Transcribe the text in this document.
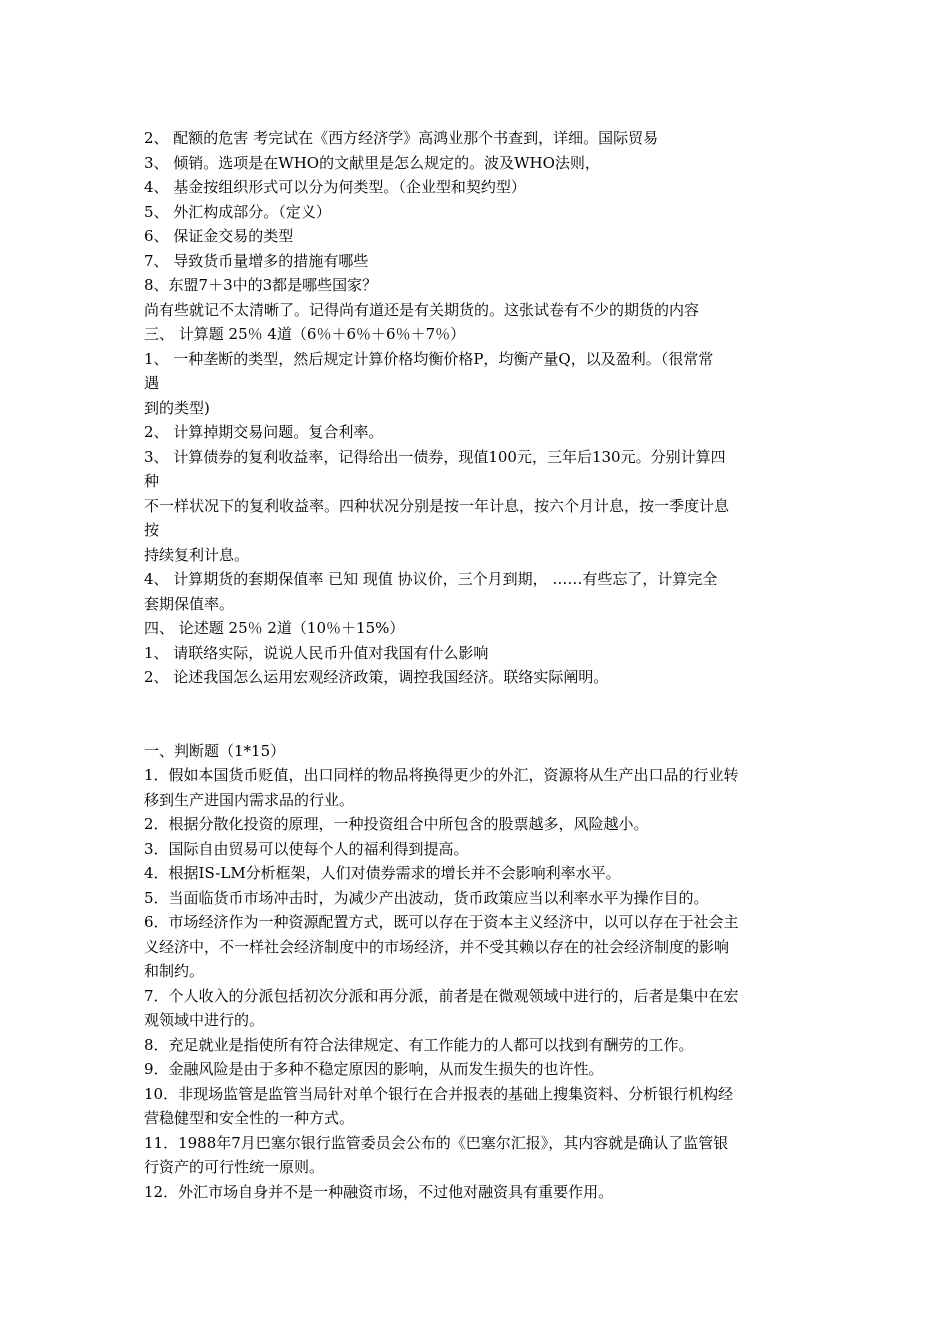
2、 配额的危害 考完试在《西方经济学》高鸿业那个书查到，详细。国际贸易
3、 倾销。选项是在WHO的文献里是怎么规定的。波及WHO法则，
4、 基金按组织形式可以分为何类型。（企业型和契约型）
5、 外汇构成部分。（定义）
6、 保证金交易的类型
7、 导致货币量增多的措施有哪些
8、东盟7＋3中的3都是哪些国家？
尚有些就记不太清晰了。记得尚有道还是有关期货的。这张试卷有不少的期货的内容
三、 计算题 25％ 4道（6％＋6％＋6％＋7％）
1、 一种垄断的类型，然后规定计算价格均衡价格P，均衡产量Q，以及盈利。（很常常
遇
到的类型)
2、 计算掉期交易问题。复合利率。
3、 计算债券的复利收益率，记得给出一债券，现值100元，三年后130元。分别计算四
种
不一样状况下的复利收益率。四种状况分别是按一年计息，按六个月计息，按一季度计息
按
持续复利计息。
4、 计算期货的套期保值率 已知 现值 协议价，三个月到期， ……有些忘了，计算完全
套期保值率。
四、 论述题 25％ 2道（10％＋15%）
1、 请联络实际，说说人民币升值对我国有什么影响
2、 论述我国怎么运用宏观经济政策，调控我国经济。联络实际阐明。
一、判断题（1*15）
1．假如本国货币贬值，出口同样的物品将换得更少的外汇，资源将从生产出口品的行业转
移到生产进国内需求品的行业。
2．根据分散化投资的原理，一种投资组合中所包含的股票越多，风险越小。
3．国际自由贸易可以使每个人的福利得到提高。
4．根据IS-LM分析框架，人们对债券需求的增长并不会影响利率水平。
5．当面临货币市场冲击时，为减少产出波动，货币政策应当以利率水平为操作目的。
6．市场经济作为一种资源配置方式，既可以存在于资本主义经济中，以可以存在于社会主
义经济中，不一样社会经济制度中的市场经济，并不受其赖以存在的社会经济制度的影响
和制约。
7．个人收入的分派包括初次分派和再分派，前者是在微观领域中进行的，后者是集中在宏
观领域中进行的。
8．充足就业是指使所有符合法律规定、有工作能力的人都可以找到有酬劳的工作。
9．金融风险是由于多种不稳定原因的影响，从而发生损失的也许性。
10．非现场监管是监管当局针对单个银行在合并报表的基础上搜集资料、分析银行机构经
营稳健型和安全性的一种方式。
11．1988年7月巴塞尔银行监管委员会公布的《巴塞尔汇报》，其内容就是确认了监管银
行资产的可行性统一原则。
12．外汇市场自身并不是一种融资市场，不过他对融资具有重要作用。
